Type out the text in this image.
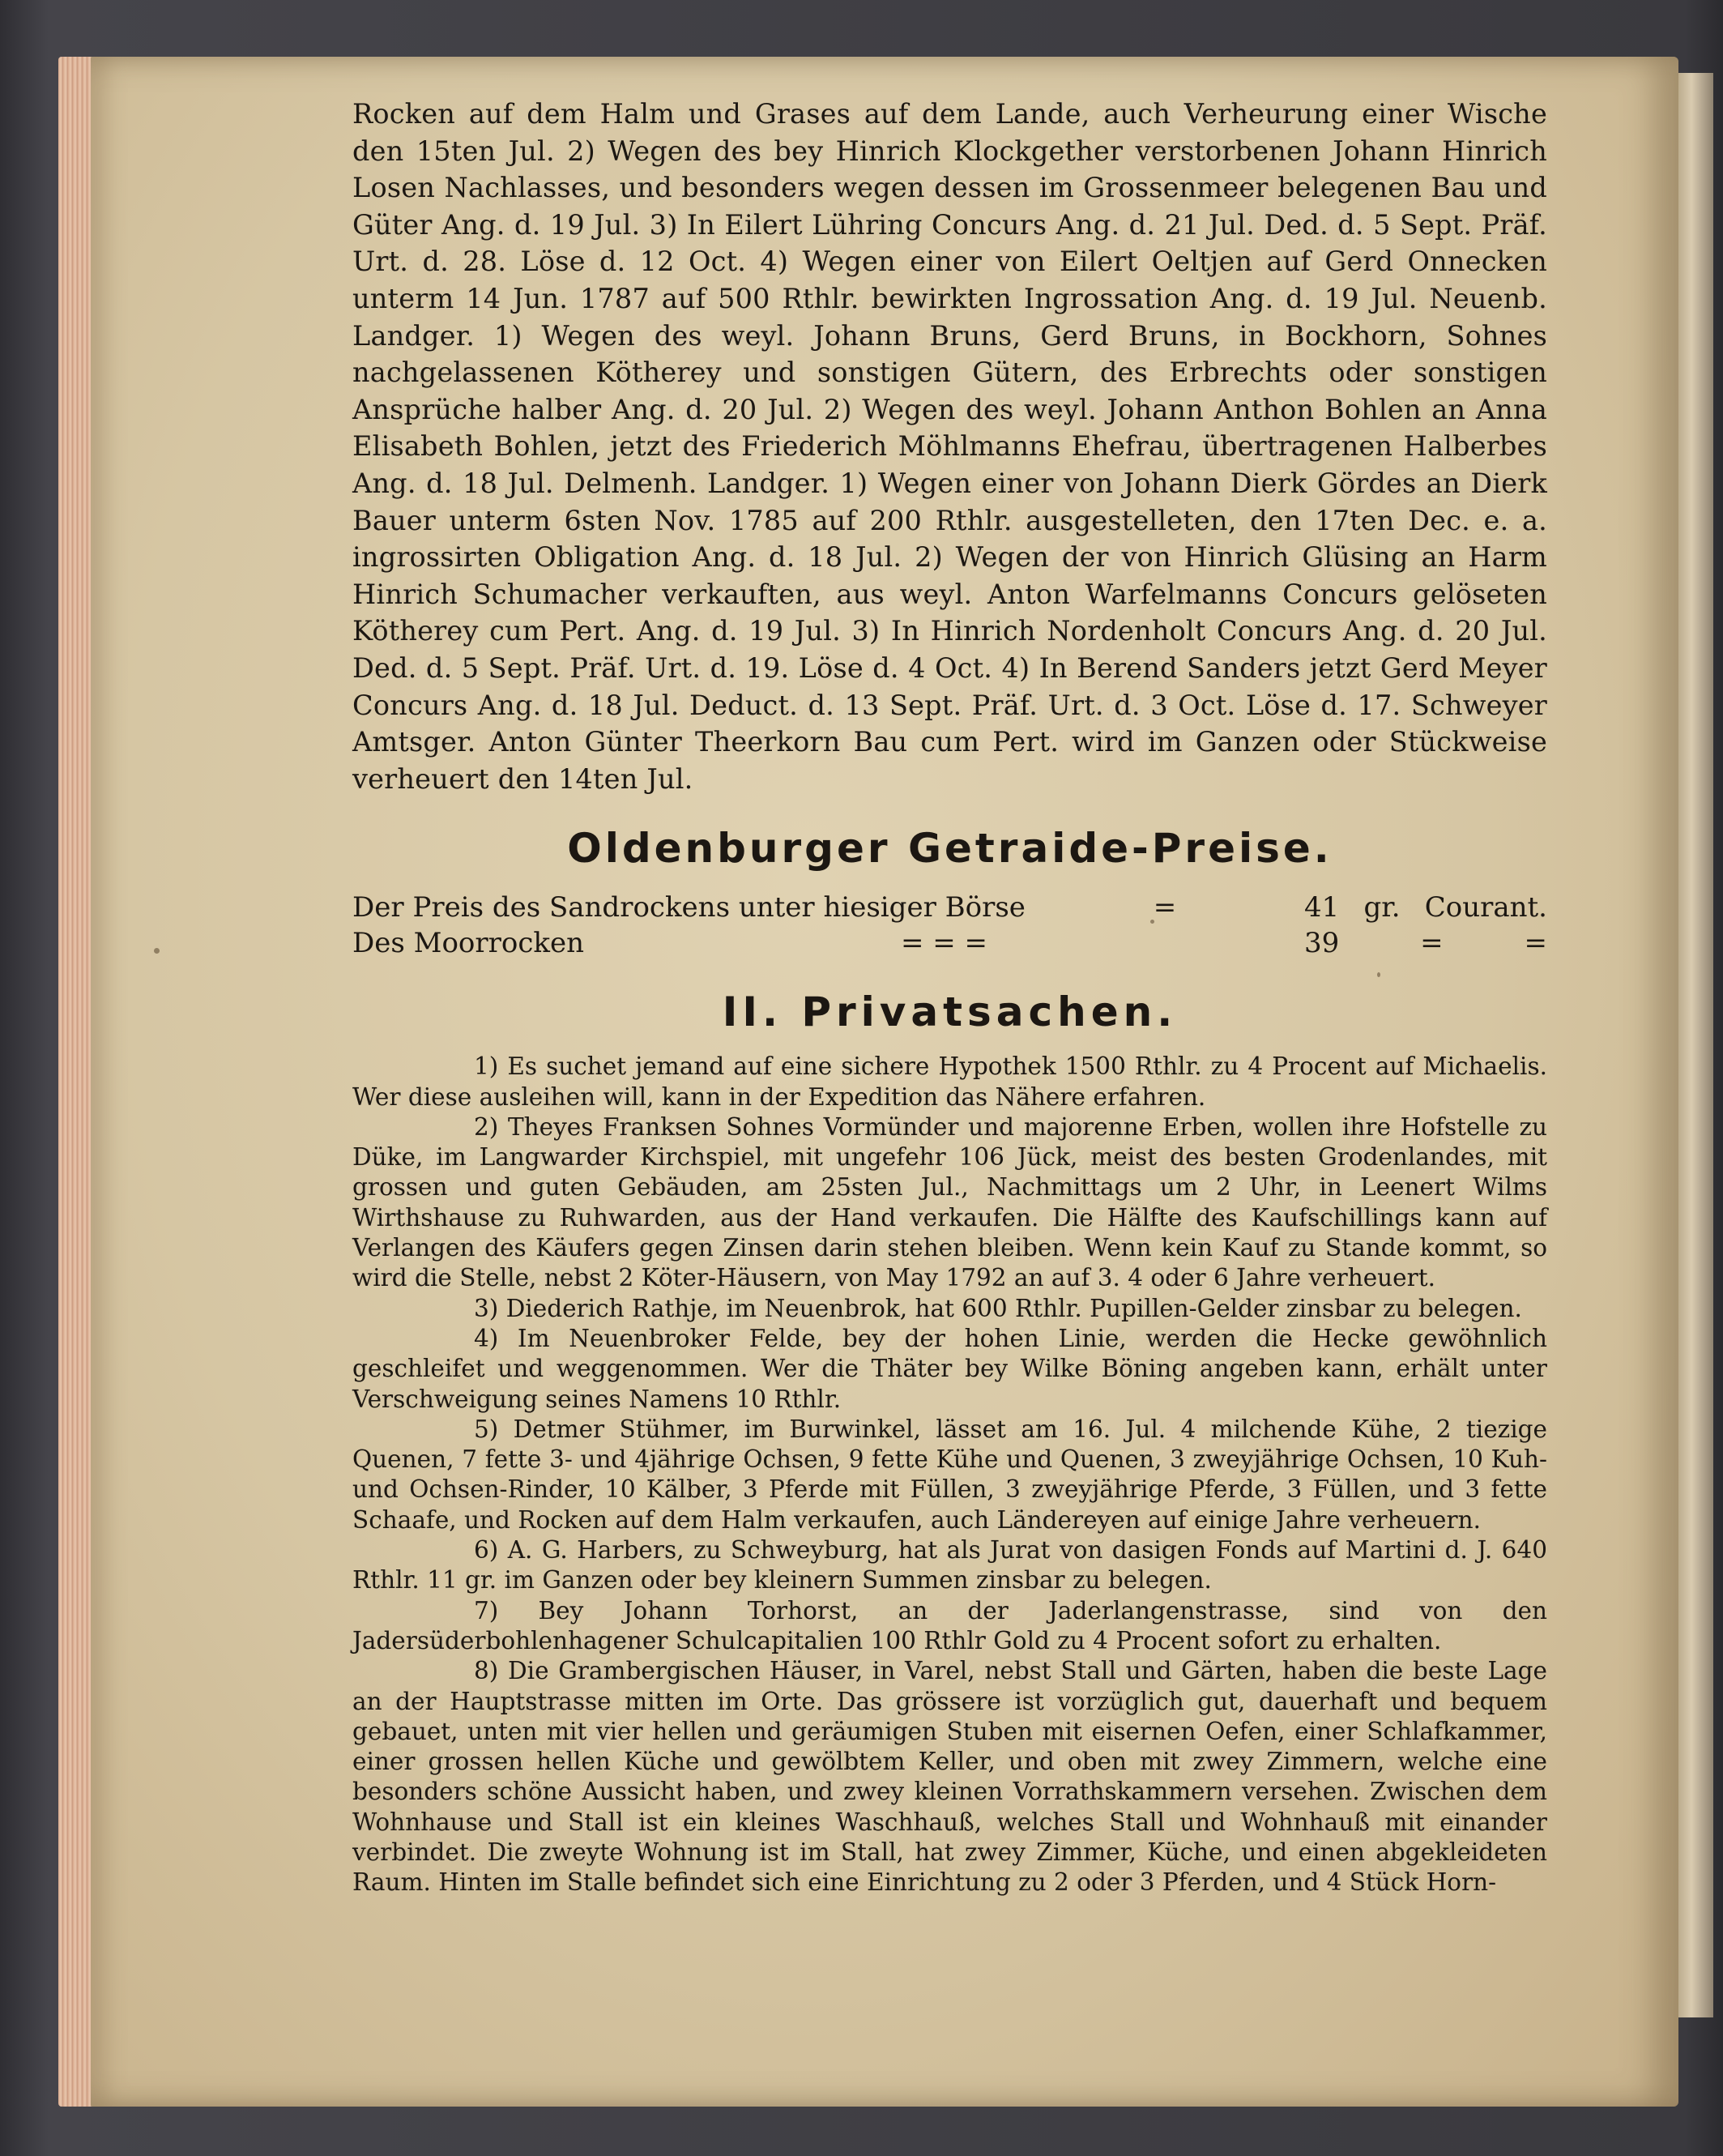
Rocken auf dem Halm und Grases auf dem Lande, auch Verheurung einer Wische den 15ten Jul. 2) Wegen des bey Hinrich Klockgether verstorbenen Johann Hinrich Losen Nachlasses, und besonders wegen dessen im Grossenmeer belegenen Bau und Güter Ang. d. 19 Jul. 3) In Eilert Lühring Concurs Ang. d. 21 Jul. Ded. d. 5 Sept. Präf. Urt. d. 28. Löse d. 12 Oct. 4) Wegen einer von Eilert Oeltjen auf Gerd Onnecken unterm 14 Jun. 1787 auf 500 Rthlr. bewirkten Ingrossation Ang. d. 19 Jul. Neuenb. Landger. 1) Wegen des weyl. Johann Bruns, Gerd Bruns, in Bockhorn, Sohnes nachgelassenen Kötherey und sonstigen Gütern, des Erbrechts oder sonstigen Ansprüche halber Ang. d. 20 Jul. 2) Wegen des weyl. Johann Anthon Bohlen an Anna Elisabeth Bohlen, jetzt des Friederich Möhlmanns Ehefrau, übertragenen Halberbes Ang. d. 18 Jul. Delmenh. Landger. 1) Wegen einer von Johann Dierk Gördes an Dierk Bauer unterm 6sten Nov. 1785 auf 200 Rthlr. ausgestelleten, den 17ten Dec. e. a. ingrossirten Obligation Ang. d. 18 Jul. 2) Wegen der von Hinrich Glüsing an Harm Hinrich Schumacher verkauften, aus weyl. Anton Warfelmanns Concurs gelöseten Kötherey cum Pert. Ang. d. 19 Jul. 3) In Hinrich Nordenholt Concurs Ang. d. 20 Jul. Ded. d. 5 Sept. Präf. Urt. d. 19. Löse d. 4 Oct. 4) In Berend Sanders jetzt Gerd Meyer Concurs Ang. d. 18 Jul. Deduct. d. 13 Sept. Präf. Urt. d. 3 Oct. Löse d. 17. Schweyer Amtsger. Anton Günter Theerkorn Bau cum Pert. wird im Ganzen oder Stückweise verheuert den 14ten Jul.

Oldenburger Getraide-Preise.
Der Preis des Sandrockens unter hiesiger Börse	=	41 gr. Courant.
Des Moorrocken	= = =	39	=	=
II. Privatsachen.

1) Es suchet jemand auf eine sichere Hypothek 1500 Rthlr. zu 4 Procent auf Michaelis. Wer diese ausleihen will, kann in der Expedition das Nähere erfahren.

2) Theyes Franksen Sohnes Vormünder und majorenne Erben, wollen ihre Hofstelle zu Düke, im Langwarder Kirchspiel, mit ungefehr 106 Jück, meist des besten Grodenlandes, mit grossen und guten Gebäuden, am 25sten Jul., Nachmittags um 2 Uhr, in Leenert Wilms Wirthshause zu Ruhwarden, aus der Hand verkaufen. Die Hälfte des Kaufschillings kann auf Verlangen des Käufers gegen Zinsen darin stehen bleiben. Wenn kein Kauf zu Stande kommt, so wird die Stelle, nebst 2 Köter-Häusern, von May 1792 an auf 3. 4 oder 6 Jahre verheuert.

3) Diederich Rathje, im Neuenbrok, hat 600 Rthlr. Pupillen-Gelder zinsbar zu belegen.

4) Im Neuenbroker Felde, bey der hohen Linie, werden die Hecke gewöhnlich geschleifet und weggenommen. Wer die Thäter bey Wilke Böning angeben kann, erhält unter Verschweigung seines Namens 10 Rthlr.

5) Detmer Stühmer, im Burwinkel, lässet am 16. Jul. 4 milchende Kühe, 2 tiezige Quenen, 7 fette 3- und 4jährige Ochsen, 9 fette Kühe und Quenen, 3 zweyjährige Ochsen, 10 Kuh- und Ochsen-Rinder, 10 Kälber, 3 Pferde mit Füllen, 3 zweyjährige Pferde, 3 Füllen, und 3 fette Schaafe, und Rocken auf dem Halm verkaufen, auch Ländereyen auf einige Jahre verheuern.

6) A. G. Harbers, zu Schweyburg, hat als Jurat von dasigen Fonds auf Martini d. J. 640 Rthlr. 11 gr. im Ganzen oder bey kleinern Summen zinsbar zu belegen.

7) Bey Johann Torhorst, an der Jaderlangenstrasse, sind von den Jadersüderbohlenhagener Schulcapitalien 100 Rthlr Gold zu 4 Procent sofort zu erhalten.

8) Die Grambergischen Häuser, in Varel, nebst Stall und Gärten, haben die beste Lage an der Hauptstrasse mitten im Orte. Das grössere ist vorzüglich gut, dauerhaft und bequem gebauet, unten mit vier hellen und geräumigen Stuben mit eisernen Oefen, einer Schlafkammer, einer grossen hellen Küche und gewölbtem Keller, und oben mit zwey Zimmern, welche eine besonders schöne Aussicht haben, und zwey kleinen Vorrathskammern versehen. Zwischen dem Wohnhause und Stall ist ein kleines Waschhauß, welches Stall und Wohnhauß mit einander verbindet. Die zweyte Wohnung ist im Stall, hat zwey Zimmer, Küche, und einen abgekleideten Raum. Hinten im Stalle befindet sich eine Einrichtung zu 2 oder 3 Pferden, und 4 Stück Horn-
